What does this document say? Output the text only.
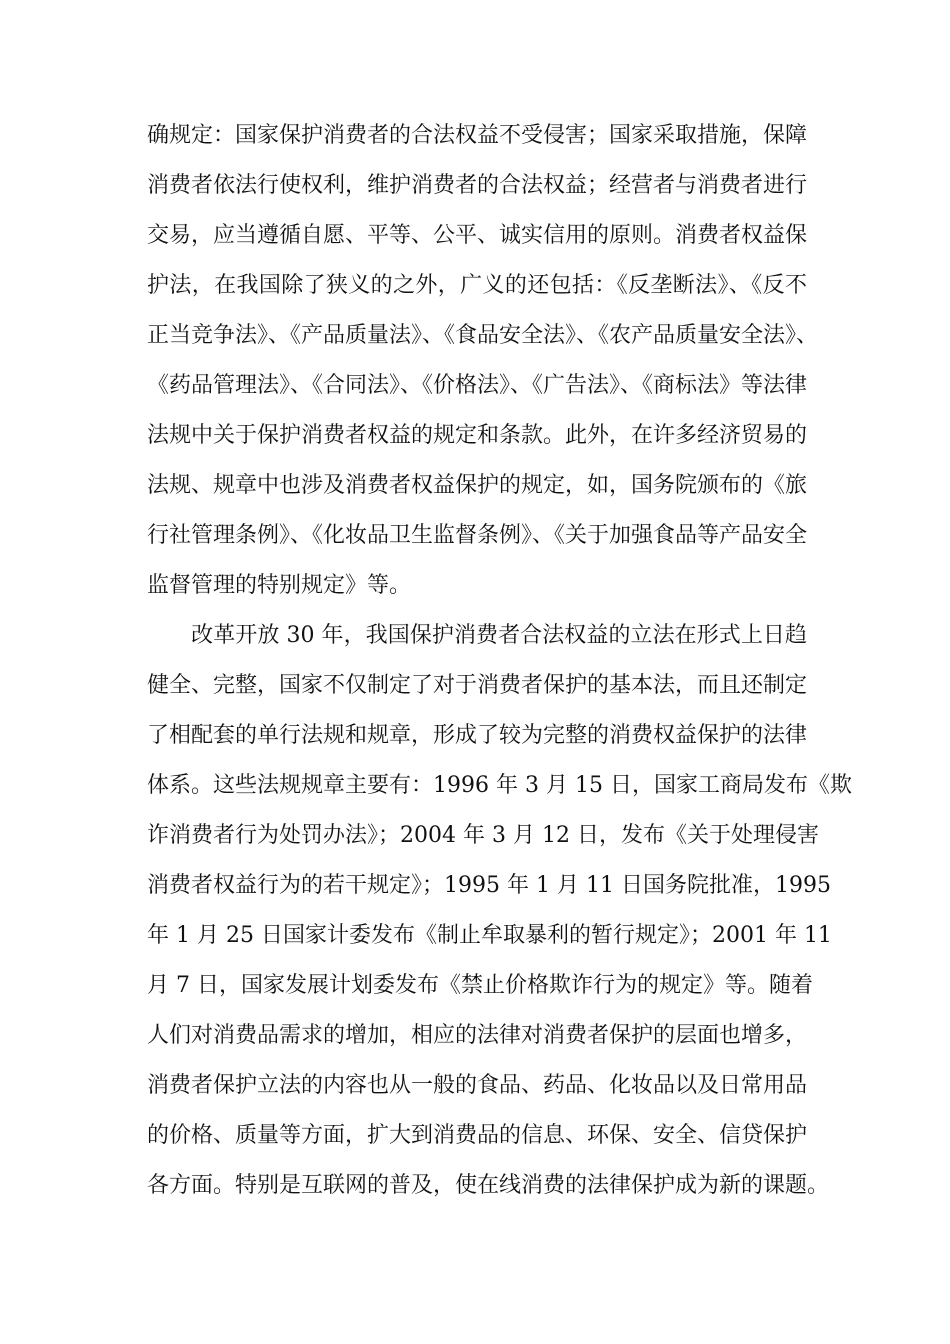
确规定：国家保护消费者的合法权益不受侵害；国家采取措施，保障
消费者依法行使权利，维护消费者的合法权益；经营者与消费者进行
交易，应当遵循自愿、平等、公平、诚实信用的原则。消费者权益保
护法，在我国除了狭义的之外，广义的还包括：《反垄断法》、《反不
正当竞争法》、《产品质量法》、《食品安全法》、《农产品质量安全法》、
《药品管理法》、《合同法》、《价格法》、《广告法》、《商标法》等法律
法规中关于保护消费者权益的规定和条款。此外，在许多经济贸易的
法规、规章中也涉及消费者权益保护的规定，如，国务院颁布的《旅
行社管理条例》、《化妆品卫生监督条例》、《关于加强食品等产品安全
监督管理的特别规定》等。
　　改革开放 30 年，我国保护消费者合法权益的立法在形式上日趋
健全、完整，国家不仅制定了对于消费者保护的基本法，而且还制定
了相配套的单行法规和规章，形成了较为完整的消费权益保护的法律
体系。这些法规规章主要有：1996 年 3 月 15 日，国家工商局发布《欺
诈消费者行为处罚办法》；2004 年 3 月 12 日，发布《关于处理侵害
消费者权益行为的若干规定》；1995 年 1 月 11 日国务院批准，1995
年 1 月 25 日国家计委发布《制止牟取暴利的暂行规定》；2001 年 11
月 7 日，国家发展计划委发布《禁止价格欺诈行为的规定》等。随着
人们对消费品需求的增加，相应的法律对消费者保护的层面也增多，
消费者保护立法的内容也从一般的食品、药品、化妆品以及日常用品
的价格、质量等方面，扩大到消费品的信息、环保、安全、信贷保护
各方面。特别是互联网的普及，使在线消费的法律保护成为新的课题。
